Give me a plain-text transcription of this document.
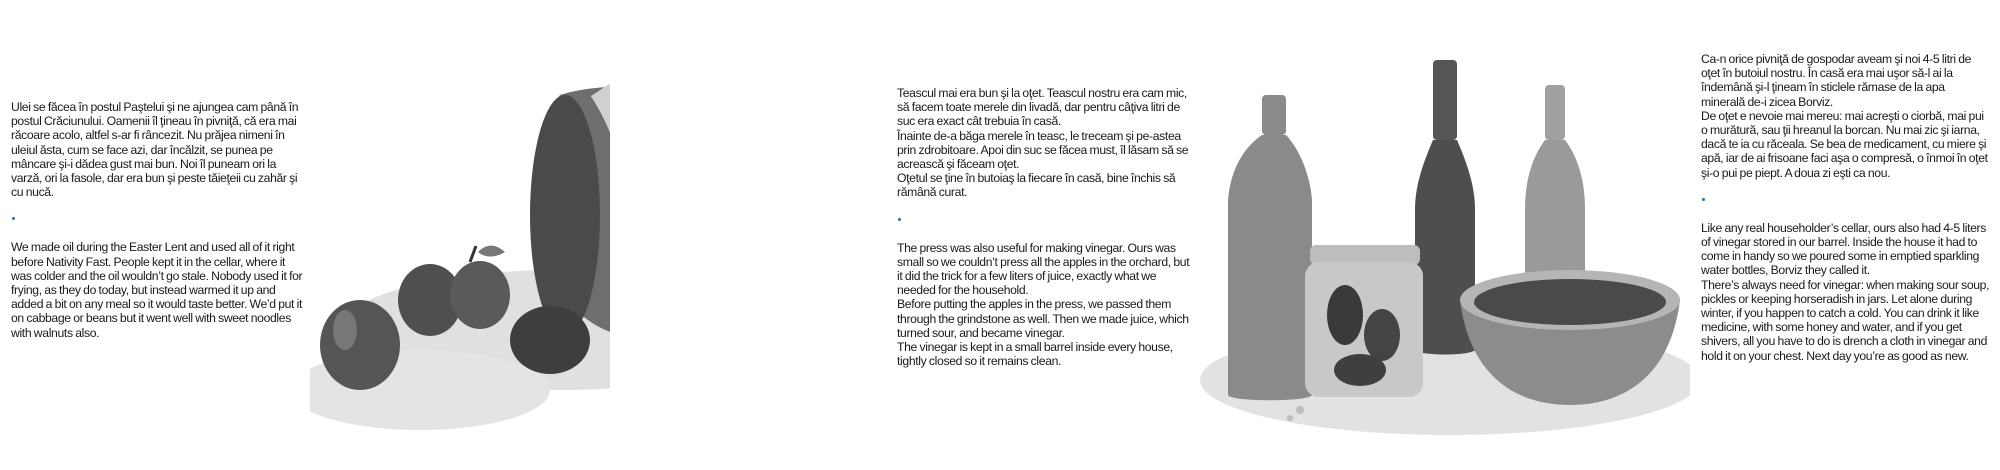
Ulei se făcea în postul Paştelui şi ne ajungea cam până în postul Crăciunului. Oamenii îl ţineau în pivniţă, că era mai răcoare acolo, altfel s-ar fi râncezit. Nu prăjea nimeni în uleiul ăsta, cum se face azi, dar încălzit, se punea pe mâncare şi-i dădea gust mai bun. Noi îl puneam ori la varză, ori la fasole, dar era bun şi peste tăieţeii cu zahăr şi cu nucă.

We made oil during the Easter Lent and used all of it right before Nativity Fast. People kept it in the cellar, where it was colder and the oil wouldn’t go stale. Nobody used it for frying, as they do today, but instead warmed it up and added a bit on any meal so it would taste better. We’d put it on cabbage or beans but it went well with sweet noodles with walnuts also.

Teascul mai era bun şi la oţet. Teascul nostru era cam mic, să facem toate merele din livadă, dar pentru câţiva litri de suc era exact cât trebuia în casă.
Înainte de-a băga merele în teasc, le treceam şi pe-astea prin zdrobitoare. Apoi din suc se făcea must, îl lăsam să se acrească şi făceam oţet.
Oţetul se ţine în butoiaş la fiecare în casă, bine închis să rămână curat.

The press was also useful for making vinegar. Ours was small so we couldn’t press all the apples in the orchard, but it did the trick for a few liters of juice, exactly what we needed for the household.
Before putting the apples in the press, we passed them through the grindstone as well. Then we made juice, which turned sour, and became vinegar.
The vinegar is kept in a small barrel inside every house, tightly closed so it remains clean.

Ca-n orice pivniţă de gospodar aveam şi noi 4-5 litri de oţet în butoiul nostru. În casă era mai uşor să-l ai la îndemână şi-l ţineam în sticlele rămase de la apa minerală de-i zicea Borviz.
De oţet e nevoie mai mereu: mai acreşti o ciorbă, mai pui o murătură, sau ţii hreanul la borcan. Nu mai zic şi iarna, dacă te ia cu răceala. Se bea de medicament, cu miere şi apă, iar de ai frisoane faci aşa o compresă, o înmoi în oţet şi-o pui pe piept. A doua zi eşti ca nou.

Like any real householder’s cellar, ours also had 4-5 liters of vinegar stored in our barrel. Inside the house it had to come in handy so we poured some in emptied sparkling water bottles, Borviz they called it.
There’s always need for vinegar: when making sour soup, pickles or keeping horseradish in jars. Let alone during winter, if you happen to catch a cold. You can drink it like medicine, with some honey and water, and if you get shivers, all you have to do is drench a cloth in vinegar and hold it on your chest. Next day you’re as good as new.
